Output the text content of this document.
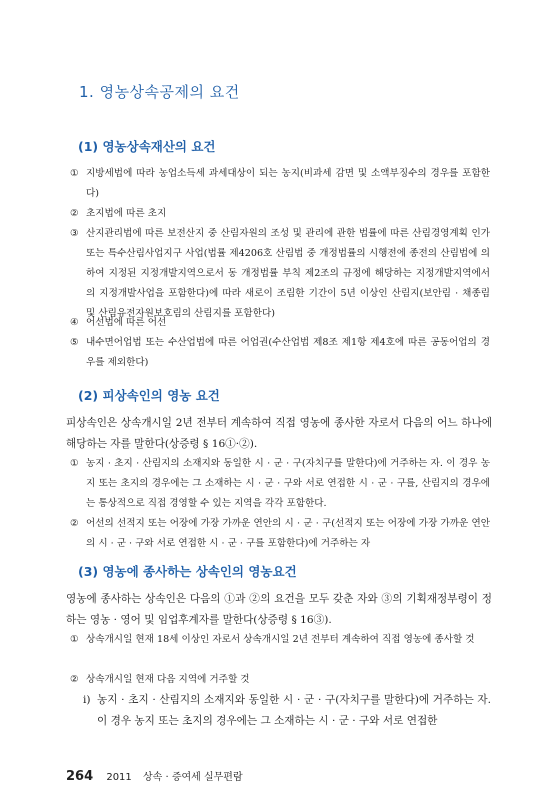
1. 영농상속공제의 요건
(1) 영농상속재산의 요건
① 지방세법에 따라 농업소득세 과세대상이 되는 농지(비과세 감면 및 소액부징수의 경우를 포함한다)
② 초지법에 따른 초지
③ 산지관리법에 따른 보전산지 중 산림자원의 조성 및 관리에 관한 법률에 따른 산림경영계획 인가 또는 특수산림사업지구 사업(법률 제4206호 산림법 중 개정법률의 시행전에 종전의 산림법에 의하여 지정된 지정개발지역으로서 동 개정법률 부칙 제2조의 규정에 해당하는 지정개발지역에서의 지정개발사업을 포함한다)에 따라 새로이 조림한 기간이 5년 이상인 산림지(보안림 · 채종림 및 산림유전자원보호림의 산림지를 포함한다)
④ 어선법에 따른 어선
⑤ 내수면어업법 또는 수산업법에 따른 어업권(수산업법 제8조 제1항 제4호에 따른 공동어업의 경우를 제외한다)
(2) 피상속인의 영농 요건
피상속인은 상속개시일 2년 전부터 계속하여 직접 영농에 종사한 자로서 다음의 어느 하나에 해당하는 자를 말한다(상증령 § 16①·②).
① 농지 · 초지 · 산림지의 소재지와 동일한 시 · 군 · 구(자치구를 말한다)에 거주하는 자. 이 경우 농지 또는 초지의 경우에는 그 소재하는 시 · 군 · 구와 서로 연접한 시 · 군 · 구를, 산림지의 경우에는 통상적으로 직접 경영할 수 있는 지역을 각각 포함한다.
② 어선의 선적지 또는 어장에 가장 가까운 연안의 시 · 군 · 구(선적지 또는 어장에 가장 가까운 연안의 시 · 군 · 구와 서로 연접한 시 · 군 · 구를 포함한다)에 거주하는 자
(3) 영농에 종사하는 상속인의 영농요건
영농에 종사하는 상속인은 다음의 ①과 ②의 요건을 모두 갖춘 자와 ③의 기획재정부령이 정하는 영농 · 영어 및 임업후계자를 말한다(상증령 § 16③).
① 상속개시일 현재 18세 이상인 자로서 상속개시일 2년 전부터 계속하여 직접 영농에 종사할 것
② 상속개시일 현재 다음 지역에 거주할 것
ⅰ) 농지 · 초지 · 산림지의 소재지와 동일한 시 · 군 · 구(자치구를 말한다)에 거주하는 자. 이 경우 농지 또는 초지의 경우에는 그 소재하는 시 · 군 · 구와 서로 연접한
264 2011 상속 · 증여세 실무편람
